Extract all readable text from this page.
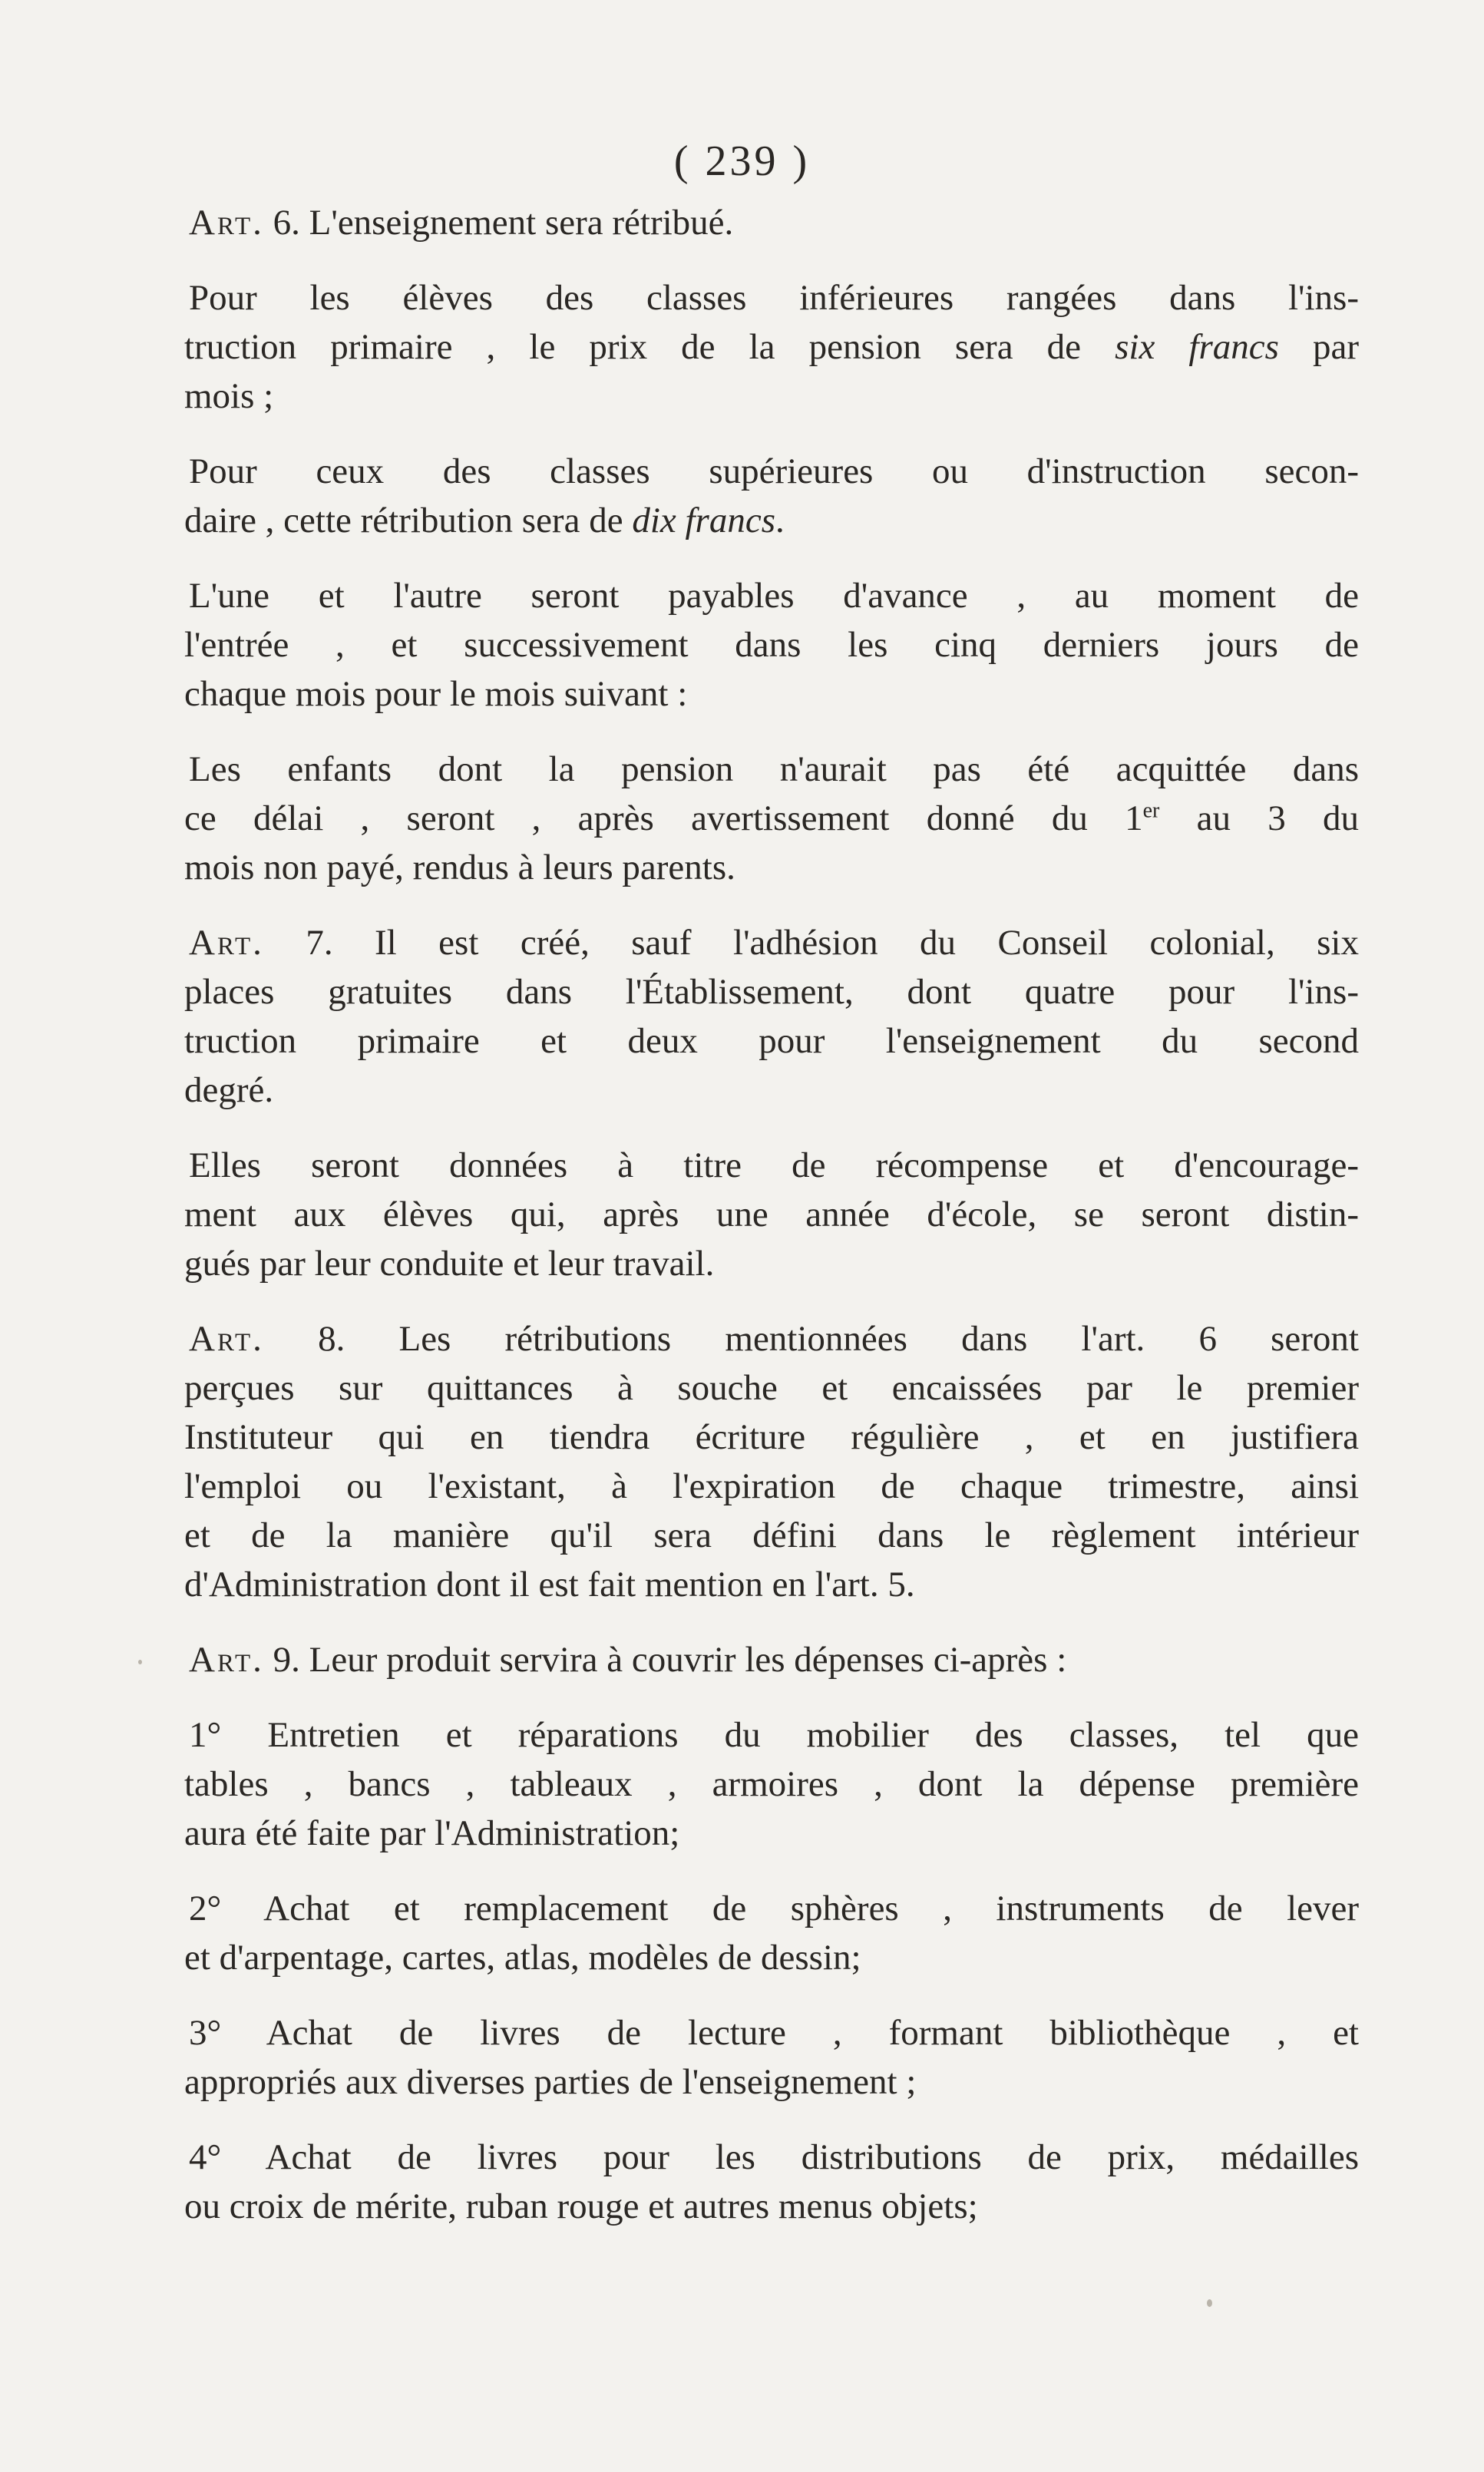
( 239 )

Art. 6. L'enseignement sera rétribué.

Pour les élèves des classes inférieures rangées dans l'ins-
truction primaire , le prix de la pension sera de six francs par
mois ;

Pour ceux des classes supérieures ou d'instruction secon-
daire , cette rétribution sera de dix francs.

L'une et l'autre seront payables d'avance , au moment de
l'entrée , et successivement dans les cinq derniers jours de
chaque mois pour le mois suivant :

Les enfants dont la pension n'aurait pas été acquittée dans
ce délai , seront , après avertissement donné du 1er au 3 du
mois non payé, rendus à leurs parents.

Art. 7. Il est créé, sauf l'adhésion du Conseil colonial, six
places gratuites dans l'Établissement, dont quatre pour l'ins-
truction primaire et deux pour l'enseignement du second
degré.

Elles seront données à titre de récompense et d'encourage-
ment aux élèves qui, après une année d'école, se seront distin-
gués par leur conduite et leur travail.

Art. 8. Les rétributions mentionnées dans l'art. 6 seront
perçues sur quittances à souche et encaissées par le premier
Instituteur qui en tiendra écriture régulière , et en justifiera
l'emploi ou l'existant, à l'expiration de chaque trimestre, ainsi
et de la manière qu'il sera défini dans le règlement intérieur
d'Administration dont il est fait mention en l'art. 5.

Art. 9. Leur produit servira à couvrir les dépenses ci-après :

1° Entretien et réparations du mobilier des classes, tel que
tables , bancs , tableaux , armoires , dont la dépense première
aura été faite par l'Administration;

2° Achat et remplacement de sphères , instruments de lever
et d'arpentage, cartes, atlas, modèles de dessin;

3° Achat de livres de lecture , formant bibliothèque , et
appropriés aux diverses parties de l'enseignement ;

4° Achat de livres pour les distributions de prix, médailles
ou croix de mérite, ruban rouge et autres menus objets;
